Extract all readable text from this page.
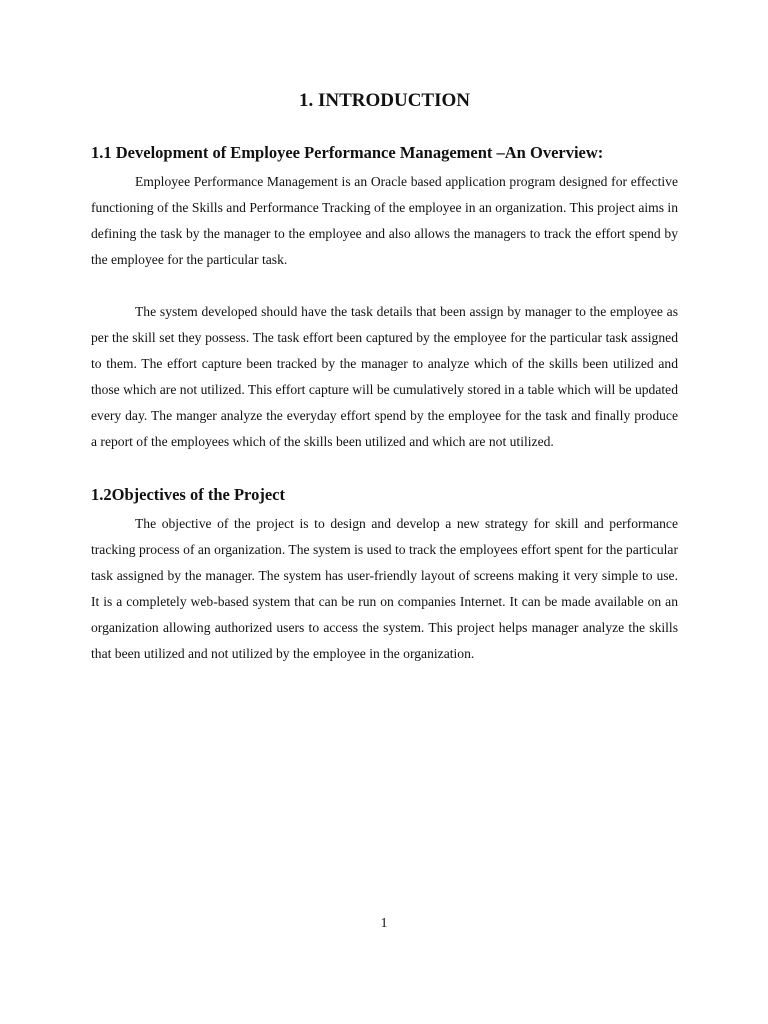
1. INTRODUCTION
1.1 Development of Employee Performance Management –An Overview:

Employee Performance Management is an Oracle based application program designed for effective functioning of the Skills and Performance Tracking of the employee in an organization. This project aims in defining the task by the manager to the employee and also allows the managers to track the effort spend by the employee for the particular task.

The system developed should have the task details that been assign by manager to the employee as per the skill set they possess. The task effort been captured by the employee for the particular task assigned to them. The effort capture been tracked by the manager to analyze which of the skills been utilized and those which are not utilized. This effort capture will be cumulatively stored in a table which will be updated every day. The manger analyze the everyday effort spend by the employee for the task and finally produce a report of the employees which of the skills been utilized and which are not utilized.

1.2Objectives of the Project

The objective of the project is to design and develop a new strategy for skill and performance tracking process of an organization. The system is used to track the employees effort spent for the particular task assigned by the manager. The system has user-friendly layout of screens making it very simple to use. It is a completely web-based system that can be run on companies Internet. It can be made available on an organization allowing authorized users to access the system. This project helps manager analyze the skills that been utilized and not utilized by the employee in the organization.

1
